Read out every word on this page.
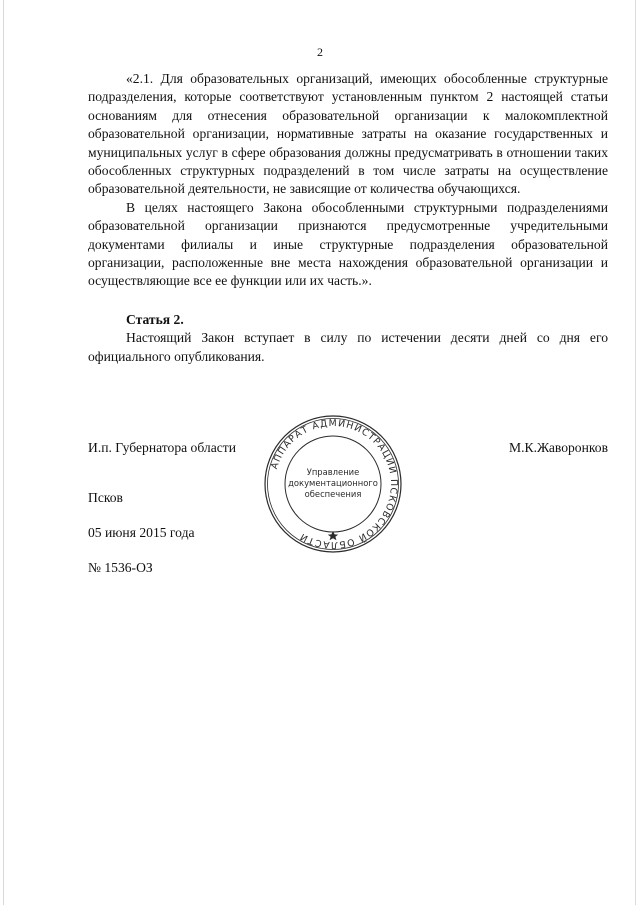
2

«2.1. Для образовательных организаций, имеющих обособленные структурные подразделения, которые соответствуют установленным пунктом 2 настоящей статьи основаниям для отнесения образовательной организации к малокомплектной образовательной организации, нормативные затраты на оказание государственных и муниципальных услуг в сфере образования должны предусматривать в отношении таких обособленных структурных подразделений в том числе затраты на осуществление образовательной деятельности, не зависящие от количества обучающихся.

В целях настоящего Закона обособленными структурными подразделениями образовательной организации признаются предусмотренные учредительными документами филиалы и иные структурные подразделения образовательной организации, расположенные вне места нахождения образовательной организации и осуществляющие все ее функции или их часть.».

Статья 2.

Настоящий Закон вступает в силу по истечении десяти дней со дня его официального опубликования.

И.п. Губернатора области	М.К.Жаворонков
АППАРАТ АДМИНИСТРАЦИИ ПСКОВСКОЙ ОБЛАСТИ
Управление
документационного
обеспечения
Псков
05 июня 2015 года
№ 1536-ОЗ
